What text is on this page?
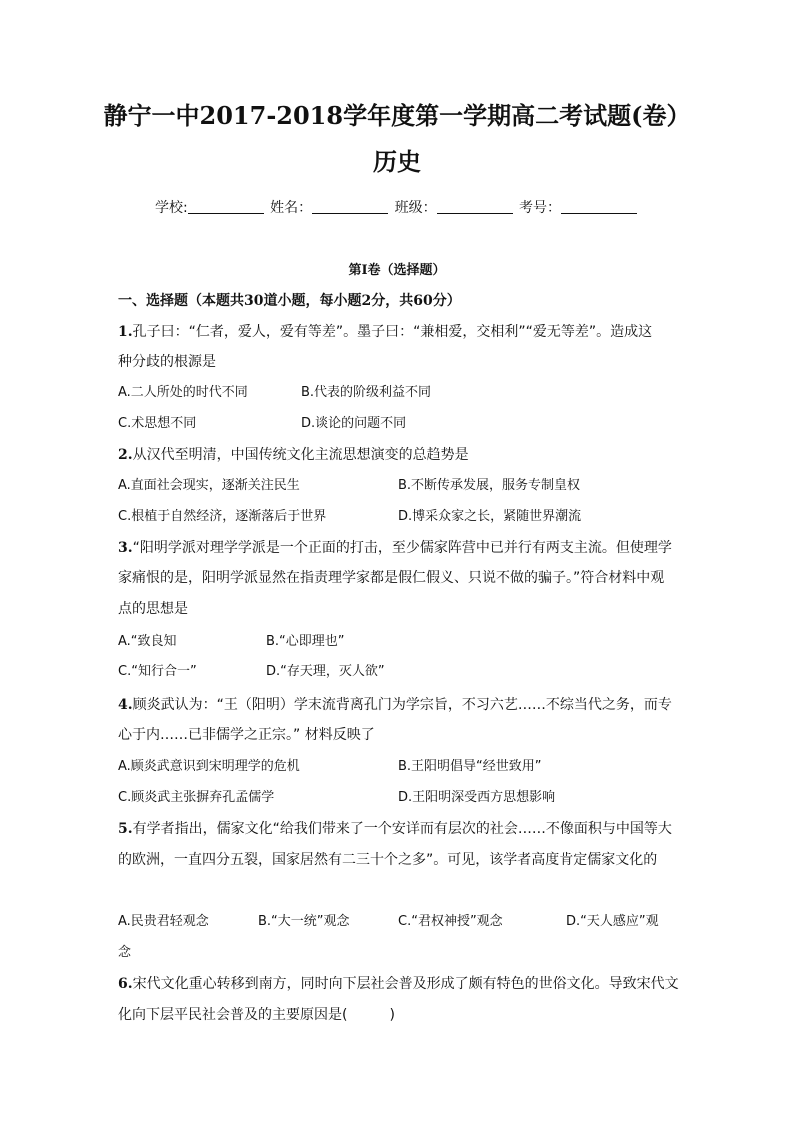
静宁一中2017-2018学年度第一学期高二考试题(卷）
历史
学校:	姓名：	班级：	考号：
第I卷（选择题）
一、选择题（本题共30道小题，每小题2分，共60分）
1.孔子曰：“仁者，爱人，爱有等差”。墨子曰：“兼相爱，交相利”“爱无等差”。造成这
种分歧的根源是
A.二人所处的时代不同	B.代表的阶级利益不同
C.术思想不同	D.谈论的问题不同
2.从汉代至明清，中国传统文化主流思想演变的总趋势是
A.直面社会现实，逐渐关注民生	B.不断传承发展，服务专制皇权
C.根植于自然经济，逐渐落后于世界	D.博采众家之长，紧随世界潮流
3.“阳明学派对理学学派是一个正面的打击，至少儒家阵营中已并行有两支主流。但使理学
家痛恨的是，阳明学派显然在指责理学家都是假仁假义、只说不做的骗子。”符合材料中观
点的思想是
A.“致良知	B.“心即理也”
C.“知行合一”	D.“存天理，灭人欲”
4.顾炎武认为：“王（阳明）学末流背离孔门为学宗旨，不习六艺……不综当代之务，而专
心于内……已非儒学之正宗。” 材料反映了
A.顾炎武意识到宋明理学的危机	B.王阳明倡导“经世致用”
C.顾炎武主张摒弃孔孟儒学	D.王阳明深受西方思想影响
5.有学者指出，儒家文化“给我们带来了一个安详而有层次的社会……不像面积与中国等大
的欧洲，一直四分五裂，国家居然有二三十个之多”。可见，该学者高度肯定儒家文化的
A.民贵君轻观念	B.“大一统”观念	C.“君权神授”观念	D.“天人感应”观
念
6.宋代文化重心转移到南方，同时向下层社会普及形成了颇有特色的世俗文化。导致宋代文
化向下层平民社会普及的主要原因是(　　　)
